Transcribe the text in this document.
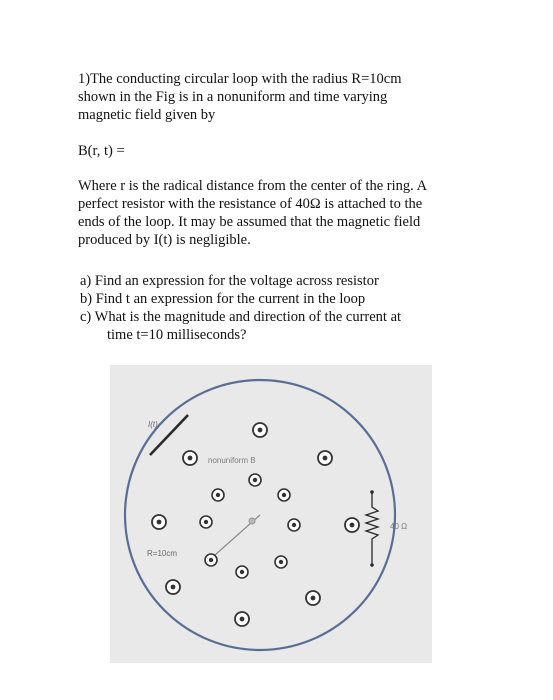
1)The conducting circular loop with the radius R=10cm
shown in the Fig is in a nonuniform and time varying
magnetic field given by

B(r, t) =

Where r is the radical distance from the center of the ring. A
perfect resistor with the resistance of 40Ω is attached to the
ends of the loop. It may be assumed that the magnetic field
produced by I(t) is negligible.

a) Find an expression for the voltage across resistor
b) Find t an expression for the current in the loop
c) What is the magnitude and direction of the current at
time t=10 milliseconds?
I(t)
R=10cm
nonuniform B
40 Ω
